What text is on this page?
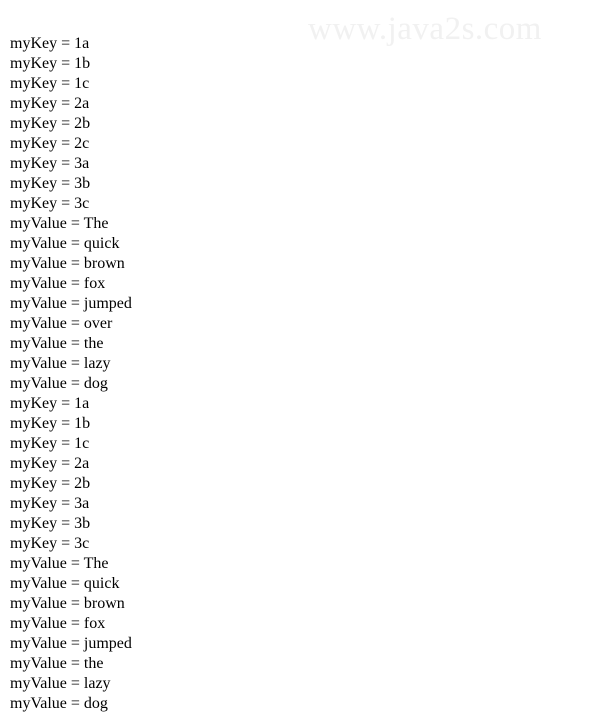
www.java2s.com
myKey = 1a
myKey = 1b
myKey = 1c
myKey = 2a
myKey = 2b
myKey = 2c
myKey = 3a
myKey = 3b
myKey = 3c
myValue = The
myValue = quick
myValue = brown
myValue = fox
myValue = jumped
myValue = over
myValue = the
myValue = lazy
myValue = dog
myKey = 1a
myKey = 1b
myKey = 1c
myKey = 2a
myKey = 2b
myKey = 3a
myKey = 3b
myKey = 3c
myValue = The
myValue = quick
myValue = brown
myValue = fox
myValue = jumped
myValue = the
myValue = lazy
myValue = dog
